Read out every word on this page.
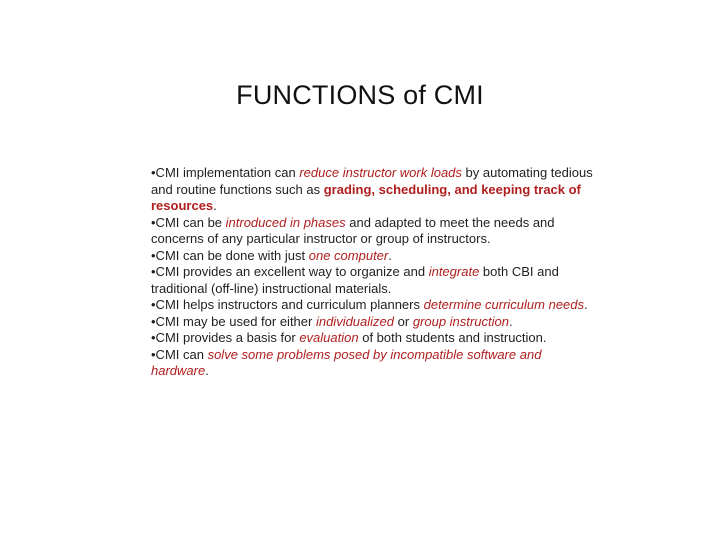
FUNCTIONS of CMI

•CMI implementation can reduce instructor work loads by automating tedious and routine functions such as grading, scheduling, and keeping track of resources.

•CMI can be introduced in phases and adapted to meet the needs and concerns of any particular instructor or group of instructors.

•CMI can be done with just one computer.

•CMI provides an excellent way to organize and integrate both CBI and traditional (off-line) instructional materials.

•CMI helps instructors and curriculum planners determine curriculum needs.

•CMI may be used for either individualized or group instruction.

•CMI provides a basis for evaluation of both students and instruction.

•CMI can solve some problems posed by incompatible software and hardware.
